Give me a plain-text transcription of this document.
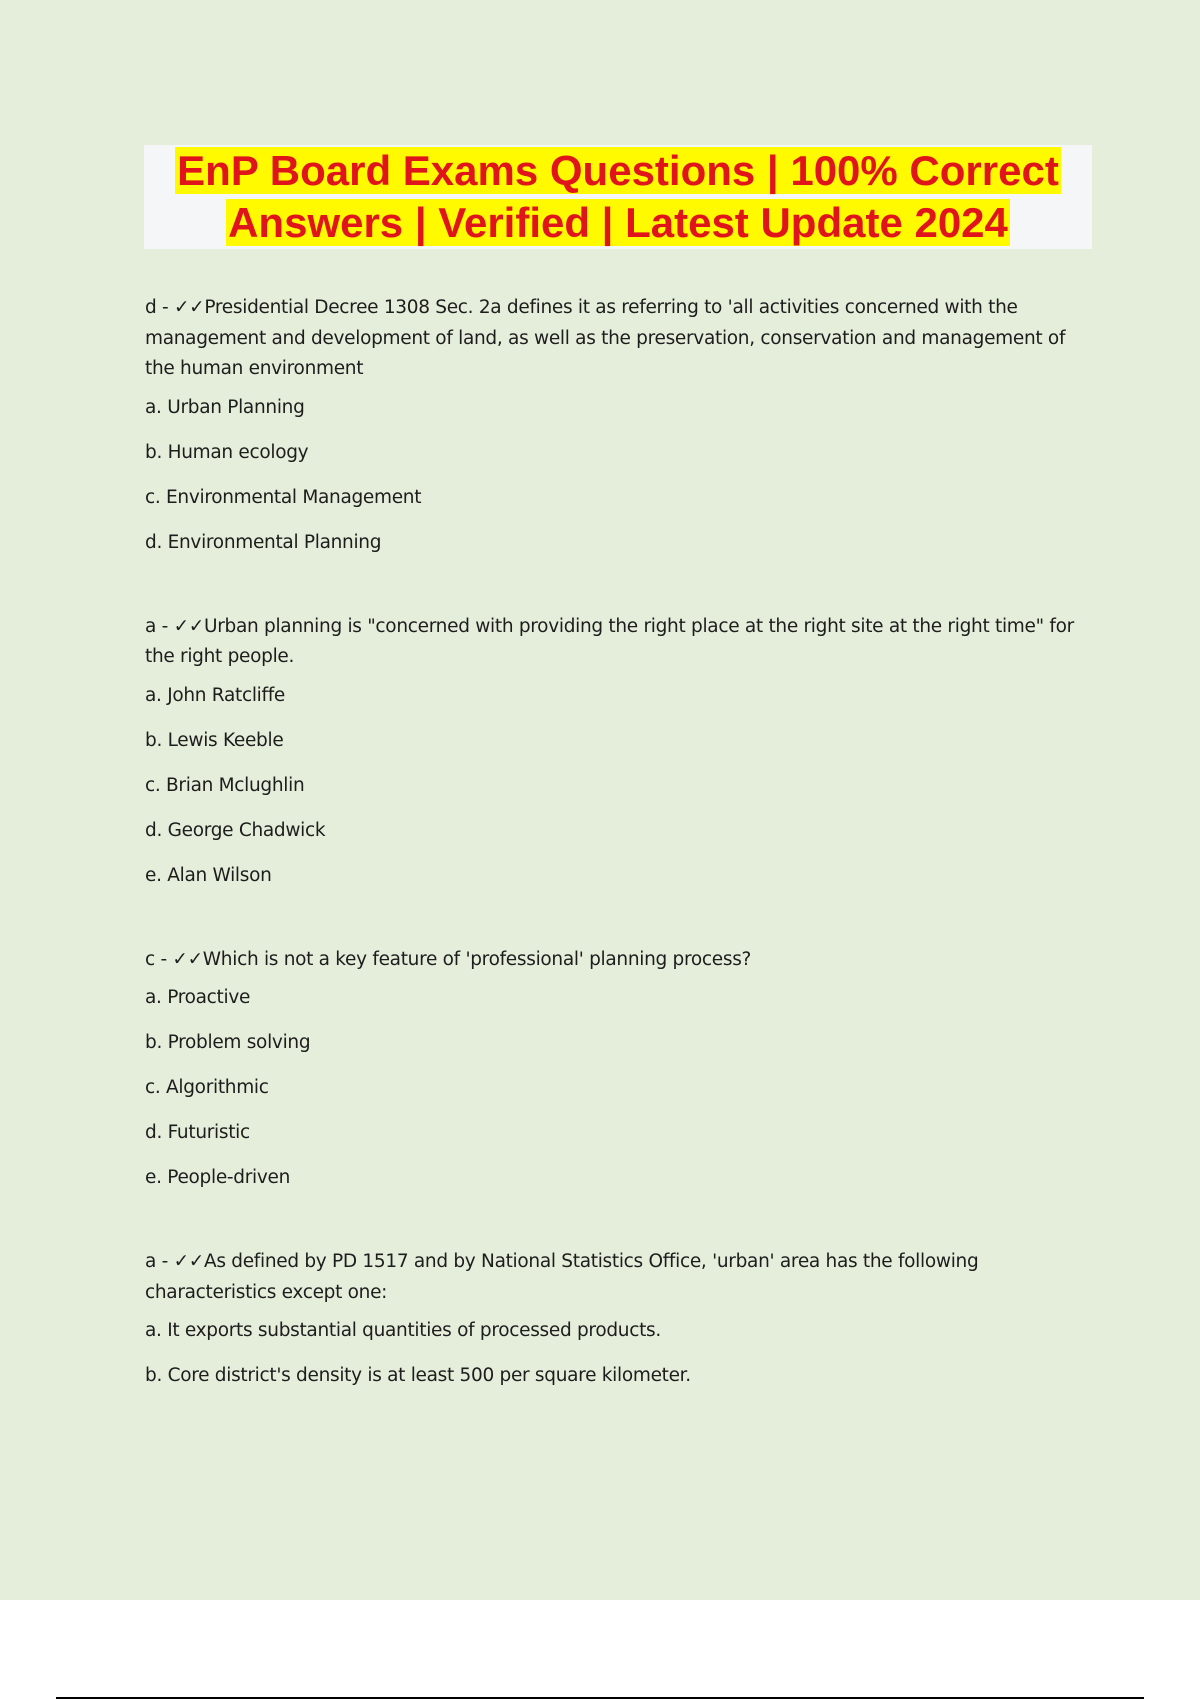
EnP Board Exams Questions | 100% Correct
Answers | Verified | Latest Update 2024

d - ✓✓Presidential Decree 1308 Sec. 2a defines it as referring to 'all activities concerned with the management and development of land, as well as the preservation, conservation and management of the human environment

a. Urban Planning

b. Human ecology

c. Environmental Management

d. Environmental Planning

a - ✓✓Urban planning is "concerned with providing the right place at the right site at the right time" for the right people.

a. John Ratcliffe

b. Lewis Keeble

c. Brian Mclughlin

d. George Chadwick

e. Alan Wilson

c - ✓✓Which is not a key feature of 'professional' planning process?

a. Proactive

b. Problem solving

c. Algorithmic

d. Futuristic

e. People-driven

a - ✓✓As defined by PD 1517 and by National Statistics Office, 'urban' area has the following characteristics except one:

a. It exports substantial quantities of processed products.

b. Core district's density is at least 500 per square kilometer.
